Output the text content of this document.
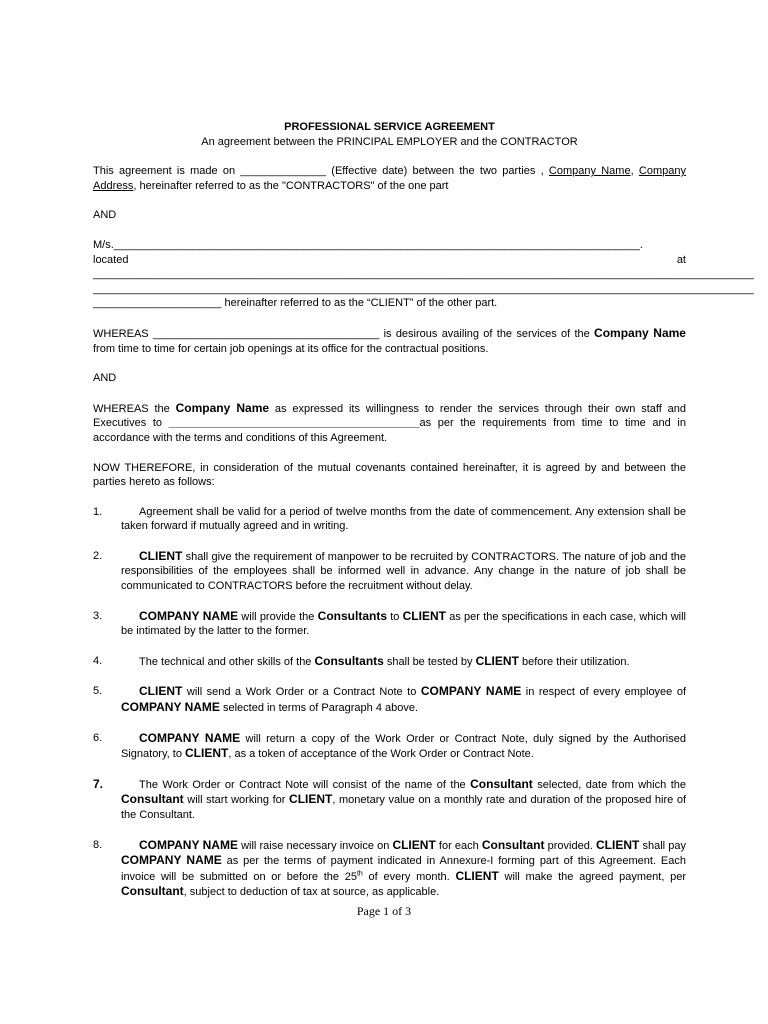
PROFESSIONAL SERVICE AGREEMENT

An agreement between the PRINCIPAL EMPLOYER and the CONTRACTOR

This agreement is made on ______________ (Effective date) between the two parties , Company Name, Company Address, hereinafter referred to as the "CONTRACTORS" of the one part

AND

M/s.______________________________________________________________________________________.
located	at
____________________________________________________________________________________________________________
____________________________________________________________________________________________________________
_____________________ hereinafter referred to as the “CLIENT” of the other part.

WHEREAS _____________________________________ is desirous availing of the services of the Company Name from time to time for certain job openings at its office for the contractual positions.

AND

WHEREAS the Company Name as expressed its willingness to render the services through their own staff and Executives to _________________________________________as per the requirements from time to time and in accordance with the terms and conditions of this Agreement.

NOW THEREFORE, in consideration of the mutual covenants contained hereinafter, it is agreed by and between the parties hereto as follows:

1.	Agreement shall be valid for a period of twelve months from the date of commencement. Any extension shall be taken forward if mutually agreed and in writing.
2.	CLIENT shall give the requirement of manpower to be recruited by CONTRACTORS. The nature of job and the responsibilities of the employees shall be informed well in advance. Any change in the nature of job shall be communicated to CONTRACTORS before the recruitment without delay.
3.	COMPANY NAME will provide the Consultants to CLIENT as per the specifications in each case, which will be intimated by the latter to the former.
4.	The technical and other skills of the Consultants shall be tested by CLIENT before their utilization.
5.	CLIENT will send a Work Order or a Contract Note to COMPANY NAME in respect of every employee of COMPANY NAME selected in terms of Paragraph 4 above.
6.	COMPANY NAME will return a copy of the Work Order or Contract Note, duly signed by the Authorised Signatory, to CLIENT, as a token of acceptance of the Work Order or Contract Note.
7.	The Work Order or Contract Note will consist of the name of the Consultant selected, date from which the Consultant will start working for CLIENT, monetary value on a monthly rate and duration of the proposed hire of the Consultant.
8.	COMPANY NAME will raise necessary invoice on CLIENT for each Consultant provided. CLIENT shall pay COMPANY NAME as per the terms of payment indicated in Annexure-I forming part of this Agreement. Each invoice will be submitted on or before the 25th of every month. CLIENT will make the agreed payment, per Consultant, subject to deduction of tax at source, as applicable.
Page 1 of 3
